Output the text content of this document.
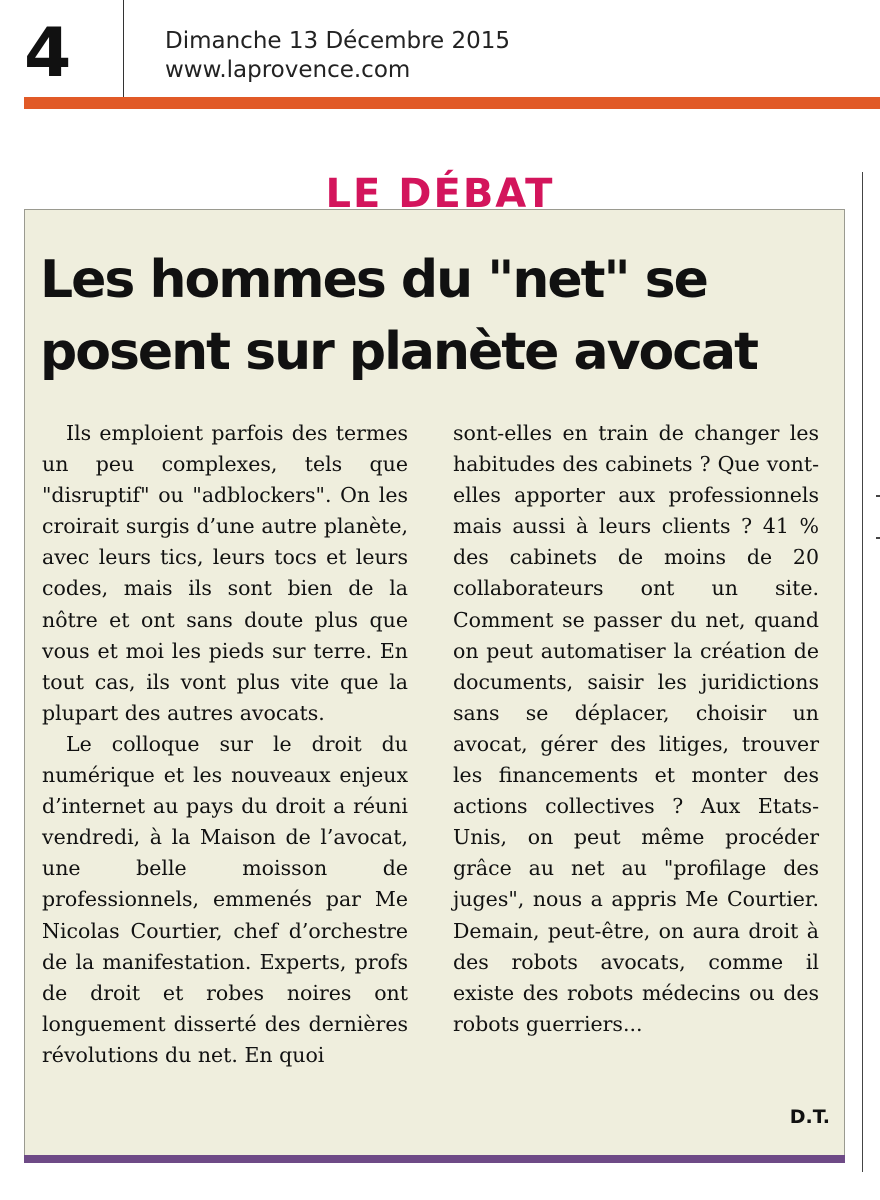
4	Dimanche 13 Décembre 2015
www.laprovence.com
LE DÉBAT
Les hommes du "net" se
posent sur planète avocat

Ils emploient parfois des termes un peu complexes, tels que "disruptif" ou "adblockers". On les croirait surgis d’une autre planète, avec leurs tics, leurs tocs et leurs codes, mais ils sont bien de la nôtre et ont sans doute plus que vous et moi les pieds sur terre. En tout cas, ils vont plus vite que la plupart des autres avocats.

Le colloque sur le droit du numérique et les nouveaux enjeux d’internet au pays du droit a réuni vendredi, à la Maison de l’avocat, une belle moisson de professionnels, emmenés par Me Nicolas Courtier, chef d’orchestre de la manifestation. Experts, profs de droit et robes noires ont longuement disserté des dernières révolutions du net. En quoi

sont-elles en train de changer les habitudes des cabinets ? Que vont-elles apporter aux professionnels mais aussi à leurs clients ? 41 % des cabinets de moins de 20 collaborateurs ont un site. Comment se passer du net, quand on peut automatiser la création de documents, saisir les juridictions sans se déplacer, choisir un avocat, gérer des litiges, trouver les financements et monter des actions collectives ? Aux Etats-Unis, on peut même procéder grâce au net au "profilage des juges", nous a appris Me Courtier. Demain, peut-être, on aura droit à des robots avocats, comme il existe des robots médecins ou des robots guerriers...

D.T.
